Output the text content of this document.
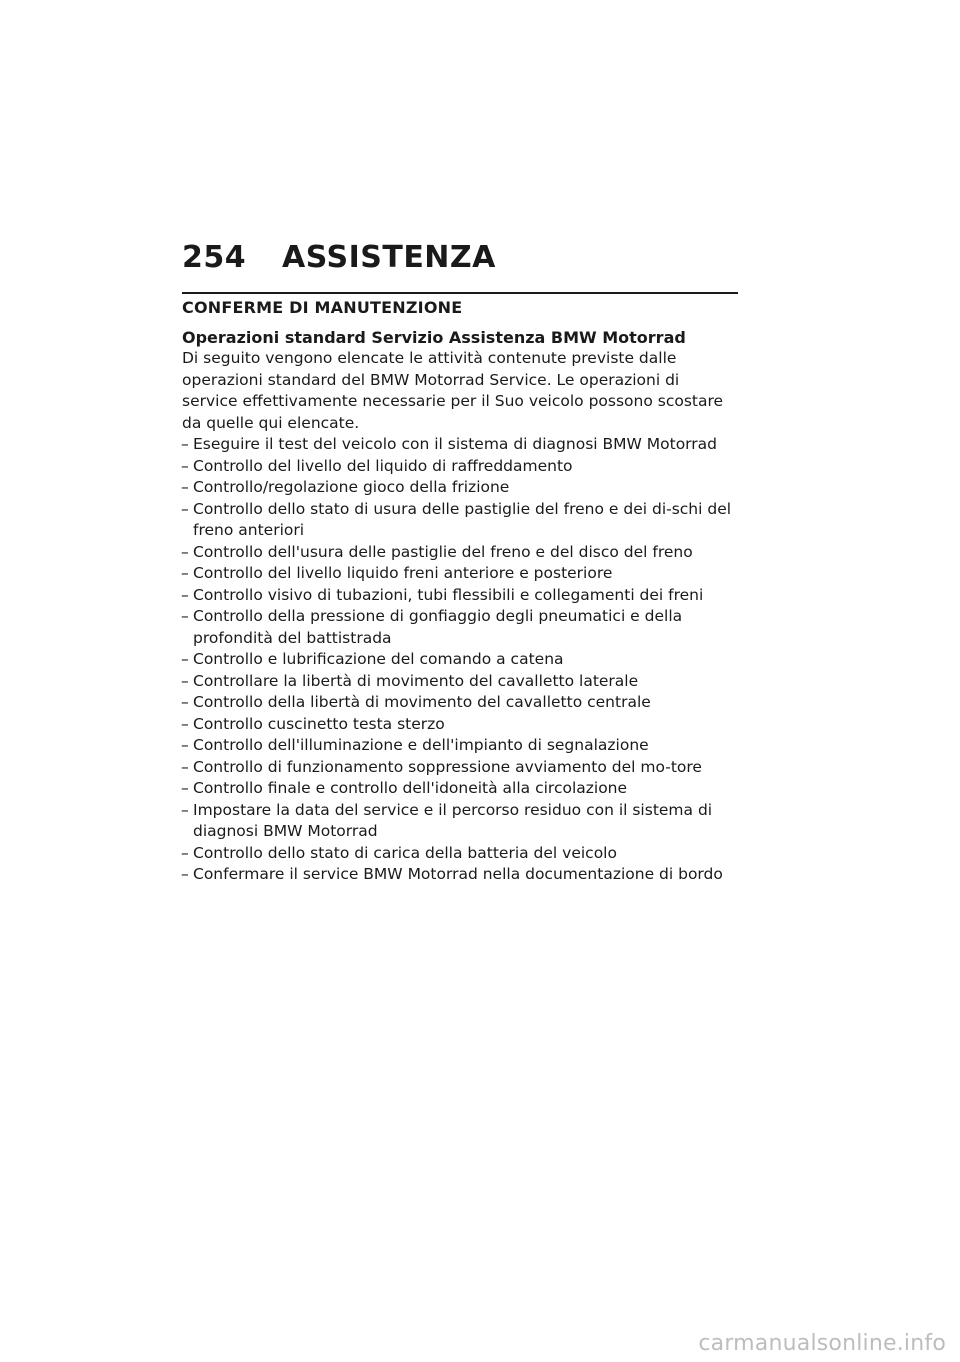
254	ASSISTENZA
CONFERME DI MANUTENZIONE
Operazioni standard Servizio Assistenza BMW Motorrad

Di seguito vengono elencate le attività contenute previste dalle operazioni standard del BMW Motorrad Service. Le operazioni di service effettivamente necessarie per il Suo veicolo possono scostare da quelle qui elencate.

– Eseguire il test del veicolo con il sistema di diagnosi BMW Motorrad
– Controllo del livello del liquido di raffreddamento
– Controllo/regolazione gioco della frizione
– Controllo dello stato di usura delle pastiglie del freno e dei di-schi del freno anteriori
– Controllo dell'usura delle pastiglie del freno e del disco del freno
– Controllo del livello liquido freni anteriore e posteriore
– Controllo visivo di tubazioni, tubi flessibili e collegamenti dei freni
– Controllo della pressione di gonfiaggio degli pneumatici e della profondità del battistrada
– Controllo e lubrificazione del comando a catena
– Controllare la libertà di movimento del cavalletto laterale
– Controllo della libertà di movimento del cavalletto centrale
– Controllo cuscinetto testa sterzo
– Controllo dell'illuminazione e dell'impianto di segnalazione
– Controllo di funzionamento soppressione avviamento del mo-tore
– Controllo finale e controllo dell'idoneità alla circolazione
– Impostare la data del service e il percorso residuo con il sistema di diagnosi BMW Motorrad
– Controllo dello stato di carica della batteria del veicolo
– Confermare il service BMW Motorrad nella documentazione di bordo
carmanualsonline.info
